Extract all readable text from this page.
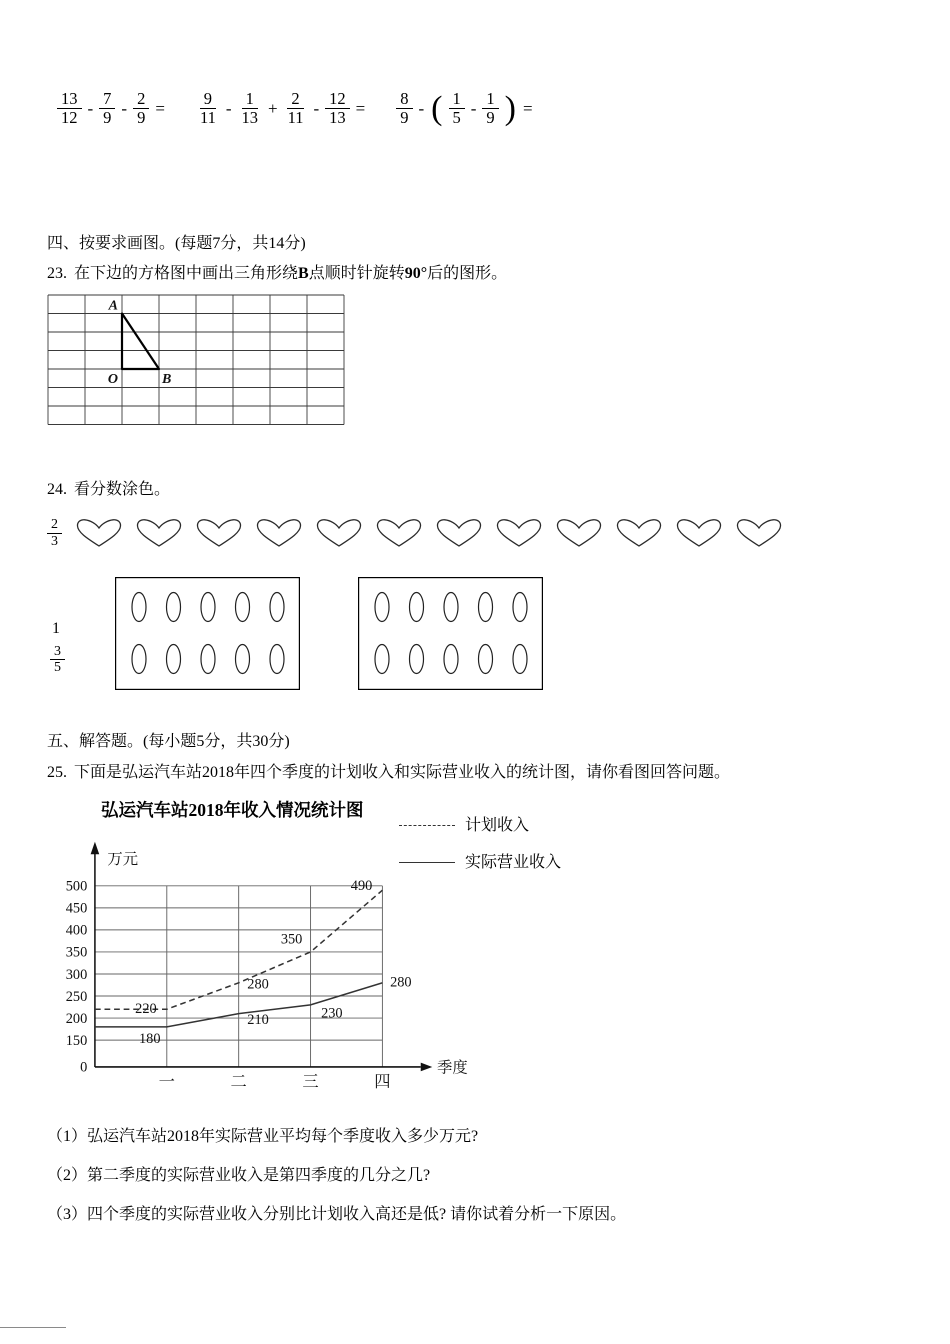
$\frac{13}{12} - \frac{7}{9} - \frac{2}{9} = \frac{9}{11} - \frac{1}{13} + \frac{2}{11} - \frac{12}{13} = \frac{8}{9}$ - ( $\frac{1}{5} - \frac{1}{9}$ ) =

四、按要求画图。(每题7分，共14分)

23. 在下边的方格图中画出三角形绕B点顺时针旋转90°后的图形。

A
O	B

24. 看分数涂色。

$\frac{2}{3}$
1
$\frac{3}{5}$

五、解答题。(每小题5分，共30分)

25. 下面是弘运汽车站2018年四个季度的计划收入和实际营业收入的统计图，请你看图回答问题。

弘运汽车站2018年收入情况统计图
计划收入
实际营业收入
0
150
200
250
300
350
400
450
500
万元
季度
一	二	三	四
220
280
350
490
180
210	230
280

（1）弘运汽车站2018年实际营业平均每个季度收入多少万元?

（2）第二季度的实际营业收入是第四季度的几分之几?

（3）四个季度的实际营业收入分别比计划收入高还是低? 请你试着分析一下原因。
